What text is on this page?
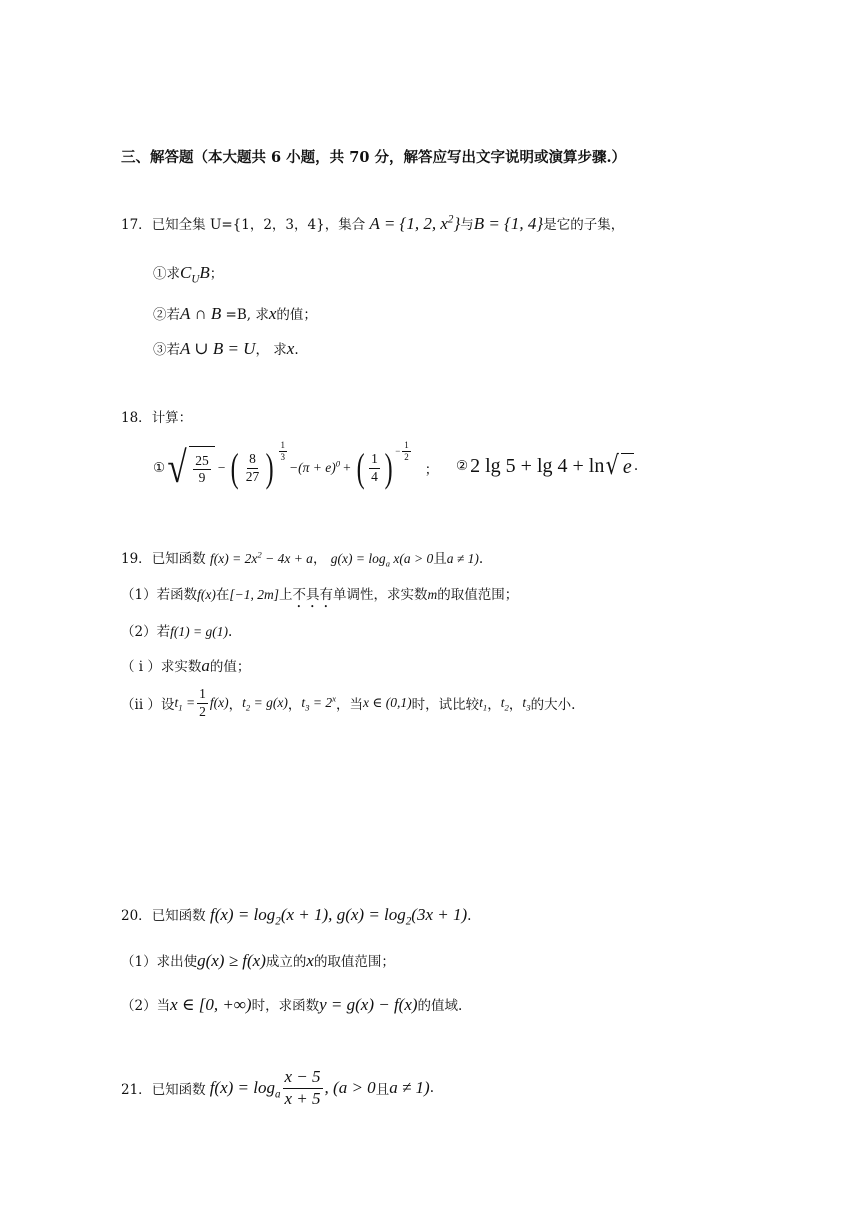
三、解答题（本大题共 6 小题，共 70 分，解答应写出文字说明或演算步骤.）
17．已知全集 U={1，2，3，4}，集合 A = {1, 2, $x^2$}与B = {1, 4}是它的子集，
①求$C_UB$；
②若A ∩ B =B, 求x的值；
③若A ∪ B = U， 求x.
18．计算：
① √ $\frac{25}{9}$ − ( $\frac{8}{27}$ ) $\frac{1}{3}$
$-(\pi + e)^0$ + ( $\frac{1}{4}$ ) − $\frac{1}{2}$
； ② 2 lg 5 + lg 4 + ln √ e .
19．已知函数 $f(x) = 2x^2 - 4x + a$， $g(x) = \log_a x(a > 0$且a ≠ 1).
（1）若函数f(x)在[−1, 2m]上不具有单调性，求实数m的取值范围；
（2）若f(1) = g(1).
（ i ）求实数a的值；
（ii ） 设 $t_1 = \frac{1}{2} f(x)$ ， $t_2 = g(x)$ ， $t_3 = 2^x$ ，当 x ∈ (0,1) 时，试比较 $t_1$ ， $t_2$ ， $t_3$ 的大小.
20．已知函数 $f(x) = \log_2(x + 1)$, $g(x) = \log_2(3x + 1)$.
（1）求出使g(x) ≥ f(x)成立的x的取值范围；
（2）当x ∈ [0, +∞)时，求函数y = g(x) − f(x)的值域.
21． 已知函数 $f(x) = \log_a \frac{x - 5}{x + 5}$ , (a > 0 且 a ≠ 1) .
